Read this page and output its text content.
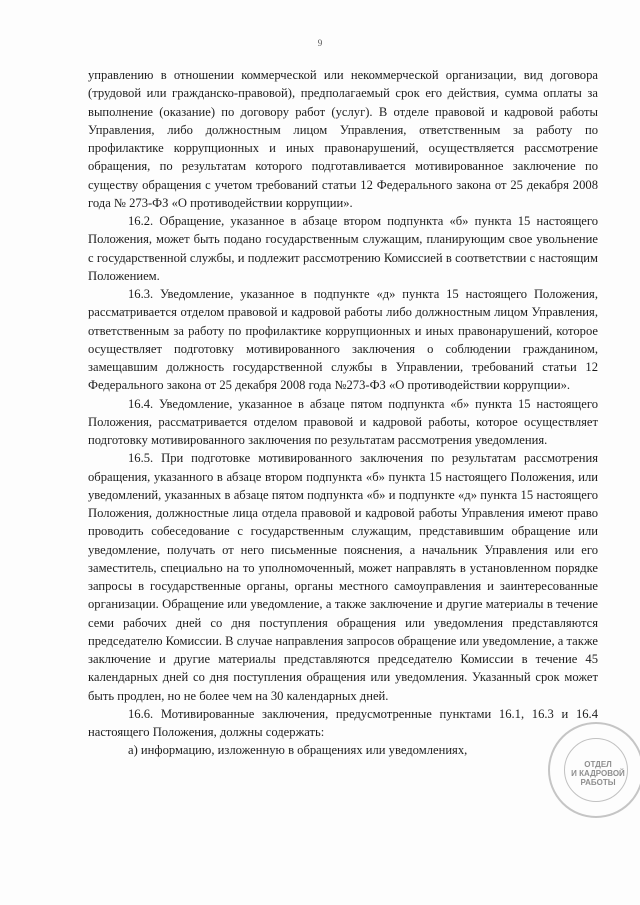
9

управлению в отношении коммерческой или некоммерческой организации, вид договора (трудовой или гражданско-правовой), предполагаемый срок его действия, сумма оплаты за выполнение (оказание) по договору работ (услуг). В отделе правовой и кадровой работы Управления, либо должностным лицом Управления, ответственным за работу по профилактике коррупционных и иных правонарушений, осуществляется рассмотрение обращения, по результатам которого подготавливается мотивированное заключение по существу обращения с учетом требований статьи 12 Федерального закона от 25 декабря 2008 года № 273-ФЗ «О противодействии коррупции».

16.2. Обращение, указанное в абзаце втором подпункта «б» пункта 15 настоящего Положения, может быть подано государственным служащим, планирующим свое увольнение с государственной службы, и подлежит рассмотрению Комиссией в соответствии с настоящим Положением.

16.3. Уведомление, указанное в подпункте «д» пункта 15 настоящего Положения, рассматривается отделом правовой и кадровой работы либо должностным лицом Управления, ответственным за работу по профилактике коррупционных и иных правонарушений, которое осуществляет подготовку мотивированного заключения о соблюдении гражданином, замещавшим должность государственной службы в Управлении, требований статьи 12 Федерального закона от 25 декабря 2008 года №273-ФЗ «О противодействии коррупции».

16.4. Уведомление, указанное в абзаце пятом подпункта «б» пункта 15 настоящего Положения, рассматривается отделом правовой и кадровой работы, которое осуществляет подготовку мотивированного заключения по результатам рассмотрения уведомления.

16.5. При подготовке мотивированного заключения по результатам рассмотрения обращения, указанного в абзаце втором подпункта «б» пункта 15 настоящего Положения, или уведомлений, указанных в абзаце пятом подпункта «б» и подпункте «д» пункта 15 настоящего Положения, должностные лица отдела правовой и кадровой работы Управления имеют право проводить собеседование с государственным служащим, представившим обращение или уведомление, получать от него письменные пояснения, а начальник Управления или его заместитель, специально на то уполномоченный, может направлять в установленном порядке запросы в государственные органы, органы местного самоуправления и заинтересованные организации. Обращение или уведомление, а также заключение и другие материалы в течение семи рабочих дней со дня поступления обращения или уведомления представляются председателю Комиссии. В случае направления запросов обращение или уведомление, а также заключение и другие материалы представляются председателю Комиссии в течение 45 календарных дней со дня поступления обращения или уведомления. Указанный срок может быть продлен, но не более чем на 30 календарных дней.

16.6. Мотивированные заключения, предусмотренные пунктами 16.1, 16.3 и 16.4 настоящего Положения, должны содержать:

а) информацию, изложенную в обращениях или уведомлениях,

ОТДЕЛ
И КАДРОВОЙ
РАБОТЫ
